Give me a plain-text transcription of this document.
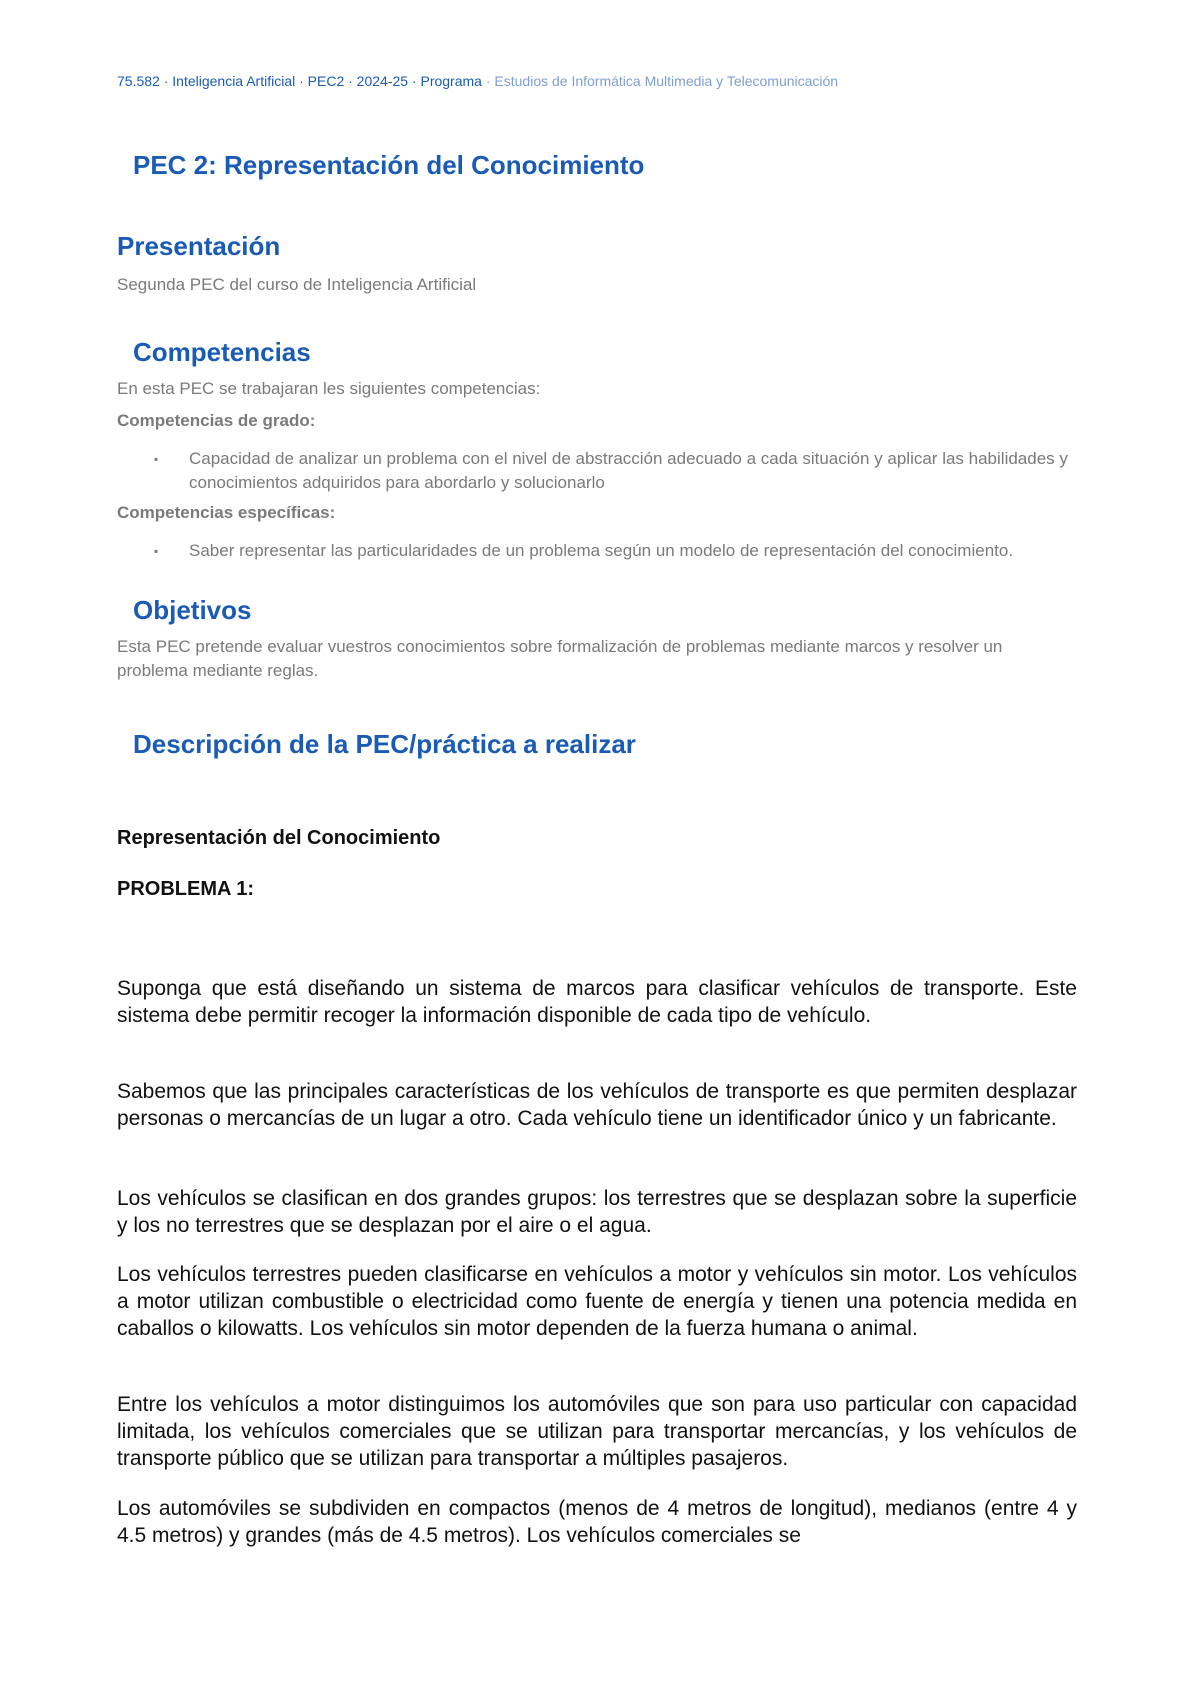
75.582 · Inteligencia Artificial · PEC2 · 2024-25 · Programa · Estudios de Informática Multimedia y Telecomunicación
PEC 2: Representación del Conocimiento
Presentación
Segunda PEC del curso de Inteligencia Artificial
Competencias
En esta PEC se trabajaran les siguientes competencias:
Competencias de grado:
▪ Capacidad de analizar un problema con el nivel de abstracción adecuado a cada situación y aplicar las habilidades y conocimientos adquiridos para abordarlo y solucionarlo
Competencias específicas:
▪ Saber representar las particularidades de un problema según un modelo de representación del conocimiento.
Objetivos
Esta PEC pretende evaluar vuestros conocimientos sobre formalización de problemas mediante marcos y resolver un problema mediante reglas.
Descripción de la PEC/práctica a realizar
Representación del Conocimiento
PROBLEMA 1:
Suponga que está diseñando un sistema de marcos para clasificar vehículos de transporte. Este sistema debe permitir recoger la información disponible de cada tipo de vehículo.
Sabemos que las principales características de los vehículos de transporte es que permiten desplazar personas o mercancías de un lugar a otro. Cada vehículo tiene un identificador único y un fabricante.
Los vehículos se clasifican en dos grandes grupos: los terrestres que se desplazan sobre la superficie y los no terrestres que se desplazan por el aire o el agua.
Los vehículos terrestres pueden clasificarse en vehículos a motor y vehículos sin motor. Los vehículos a motor utilizan combustible o electricidad como fuente de energía y tienen una potencia medida en caballos o kilowatts. Los vehículos sin motor dependen de la fuerza humana o animal.
Entre los vehículos a motor distinguimos los automóviles que son para uso particular con capacidad limitada, los vehículos comerciales que se utilizan para transportar mercancías, y los vehículos de transporte público que se utilizan para transportar a múltiples pasajeros.
Los automóviles se subdividen en compactos (menos de 4 metros de longitud), medianos (entre 4 y 4.5 metros) y grandes (más de 4.5 metros). Los vehículos comerciales se
